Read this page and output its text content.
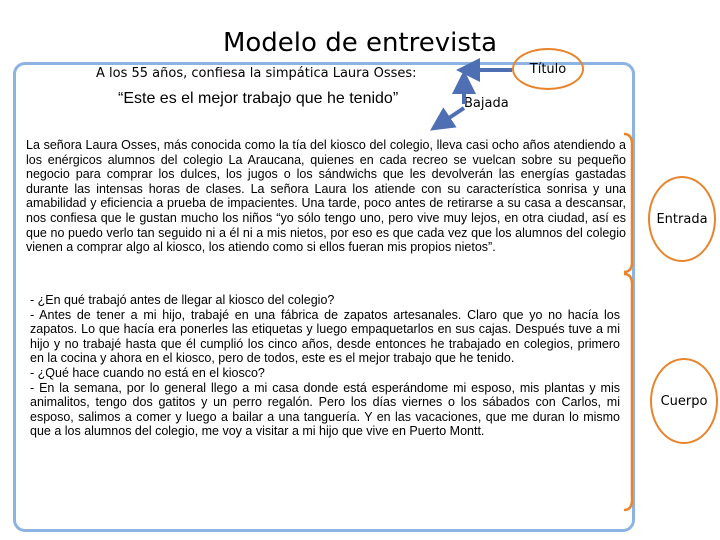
Modelo de entrevista
A los 55 años, confiesa la simpática Laura Osses:
“Este es el mejor trabajo que he tenido”
Título
Bajada
Entrada
Cuerpo
La señora Laura Osses, más conocida como la tía del kiosco del colegio, lleva casi ocho años atendiendo a los enérgicos alumnos del colegio La Araucana, quienes en cada recreo se vuelcan sobre su pequeño negocio para comprar los dulces, los jugos o los sándwichs que les devolverán las energías gastadas durante las intensas horas de clases. La señora Laura los atiende con su característica sonrisa y una amabilidad y eficiencia a prueba de impacientes. Una tarde, poco antes de retirarse a su casa a descansar, nos confiesa que le gustan mucho los niños “yo sólo tengo uno, pero vive muy lejos, en otra ciudad, así es que no puedo verlo tan seguido ni a él ni a mis nietos, por eso es que cada vez que los alumnos del colegio vienen a comprar algo al kiosco, los atiendo como si ellos fueran mis propios nietos”.

- ¿En qué trabajó antes de llegar al kiosco del colegio?

- Antes de tener a mi hijo, trabajé en una fábrica de zapatos artesanales. Claro que yo no hacía los zapatos. Lo que hacía era ponerles las etiquetas y luego empaquetarlos en sus cajas. Después tuve a mi hijo y no trabajé hasta que él cumplió los cinco años, desde entonces he trabajado en colegios, primero en la cocina y ahora en el kiosco, pero de todos, este es el mejor trabajo que he tenido.

- ¿Qué hace cuando no está en el kiosco?

- En la semana, por lo general llego a mi casa donde está esperándome mi esposo, mis plantas y mis animalitos, tengo dos gatitos y un perro regalón. Pero los días viernes o los sábados con Carlos, mi esposo, salimos a comer y luego a bailar a una tanguería. Y en las vacaciones, que me duran lo mismo que a los alumnos del colegio, me voy a visitar a mi hijo que vive en Puerto Montt.
